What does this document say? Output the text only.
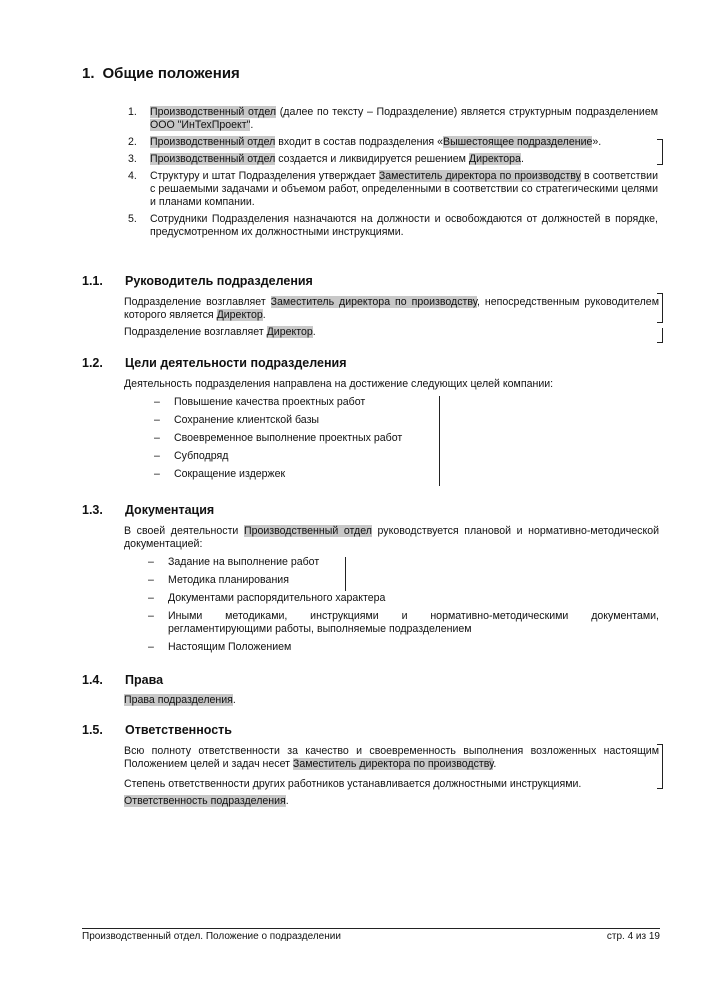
1. Общие положения
1. Производственный отдел (далее по тексту – Подразделение) является структурным подразделением ООО "ИнТехПроект".
2. Производственный отдел входит в состав подразделения «Вышестоящее подразделение».
3. Производственный отдел создается и ликвидируется решением Директора.
4. Структуру и штат Подразделения утверждает Заместитель директора по производству в соответствии с решаемыми задачами и объемом работ, определенными в соответствии со стратегическими целями и планами компании.
5. Сотрудники Подразделения назначаются на должности и освобождаются от должностей в порядке, предусмотренном их должностными инструкциями.
1.1. Руководитель подразделения
Подразделение возглавляет Заместитель директора по производству, непосредственным руководителем которого является Директор.
Подразделение возглавляет Директор.
1.2. Цели деятельности подразделения
Деятельность подразделения направлена на достижение следующих целей компании:
– Повышение качества проектных работ
– Сохранение клиентской базы
– Своевременное выполнение проектных работ
– Субподряд
– Сокращение издержек
1.3. Документация
В своей деятельности Производственный отдел руководствуется плановой и нормативно-методической документацией:
– Задание на выполнение работ
– Методика планирования
– Документами распорядительного характера
– Иными методиками, инструкциями и нормативно-методическими документами, регламентирующими работы, выполняемые подразделением
– Настоящим Положением
1.4. Права
Права подразделения.
1.5. Ответственность
Всю полноту ответственности за качество и своевременность выполнения возложенных настоящим Положением целей и задач несет Заместитель директора по производству.
Степень ответственности других работников устанавливается должностными инструкциями.
Ответственность подразделения.
Производственный отдел. Положение о подразделении	стр. 4 из 19
